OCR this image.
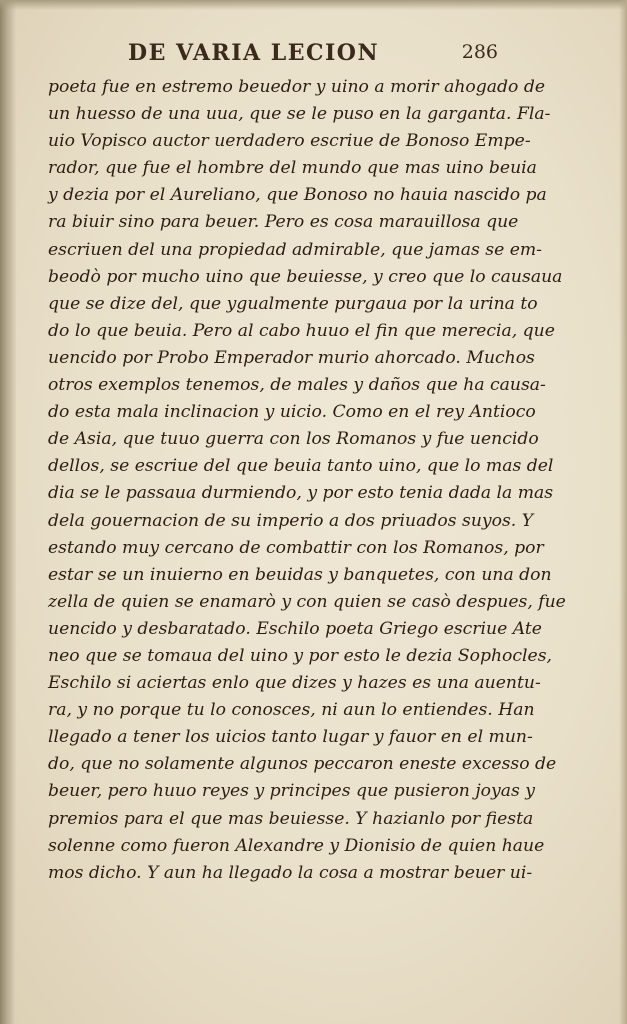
DE VARIA LECION	286
poeta fue en estremo beuedor y uino a morir ahogado de
un huesso de una uua, que se le puso en la garganta. Fla-
uio Vopisco auctor uerdadero escriue de Bonoso Empe-
rador, que fue el hombre del mundo que mas uino beuia
y dezia por el Aureliano, que Bonoso no hauia nascido pa
ra biuir sino para beuer. Pero es cosa marauillosa que
escriuen del una propiedad admirable, que jamas se em-
beodò por mucho uino que beuiesse, y creo que lo causaua
que se dize del, que ygualmente purgaua por la urina to
do lo que beuia. Pero al cabo huuo el fin que merecia, que
uencido por Probo Emperador murio ahorcado. Muchos
otros exemplos tenemos, de males y daños que ha causa-
do esta mala inclinacion y uicio. Como en el rey Antioco
de Asia, que tuuo guerra con los Romanos y fue uencido
dellos, se escriue del que beuia tanto uino, que lo mas del
dia se le passaua durmiendo, y por esto tenia dada la mas
dela gouernacion de su imperio a dos priuados suyos. Y
estando muy cercano de combattir con los Romanos, por
estar se un inuierno en beuidas y banquetes, con una don
zella de quien se enamarò y con quien se casò despues, fue
uencido y desbaratado. Eschilo poeta Griego escriue Ate
neo que se tomaua del uino y por esto le dezia Sophocles,
Eschilo si aciertas enlo que dizes y hazes es una auentu-
ra, y no porque tu lo conosces, ni aun lo entiendes. Han
llegado a tener los uicios tanto lugar y fauor en el mun-
do, que no solamente algunos peccaron eneste excesso de
beuer, pero huuo reyes y principes que pusieron joyas y
premios para el que mas beuiesse. Y hazianlo por fiesta
solenne como fueron Alexandre y Dionisio de quien haue
mos dicho. Y aun ha llegado la cosa a mostrar beuer ui-
